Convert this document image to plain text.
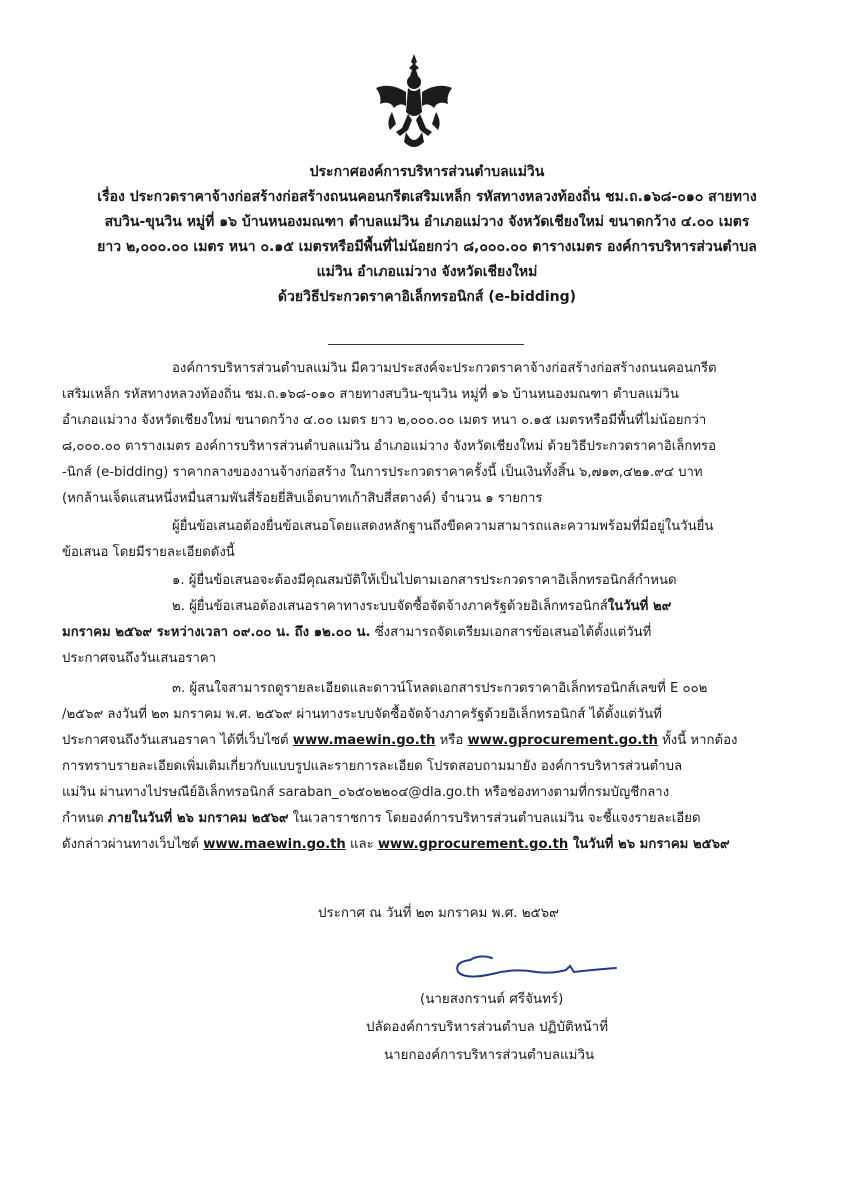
ประกาศองค์การบริหารส่วนตำบลแม่วิน
เรื่อง ประกวดราคาจ้างก่อสร้างก่อสร้างถนนคอนกรีตเสริมเหล็ก รหัสทางหลวงท้องถิ่น ชม.ถ.๑๖๘-๐๑๐ สายทาง
สบวิน-ขุนวิน หมู่ที่ ๑๖ บ้านหนองมณฑา ตำบลแม่วิน อำเภอแม่วาง จังหวัดเชียงใหม่ ขนาดกว้าง ๔.๐๐ เมตร
ยาว ๒,๐๐๐.๐๐ เมตร หนา ๐.๑๕ เมตรหรือมีพื้นที่ไม่น้อยกว่า ๘,๐๐๐.๐๐ ตารางเมตร องค์การบริหารส่วนตำบล
แม่วิน อำเภอแม่วาง จังหวัดเชียงใหม่
ด้วยวิธีประกวดราคาอิเล็กทรอนิกส์ (e-bidding)
องค์การบริหารส่วนตำบลแม่วิน มีความประสงค์จะประกวดราคาจ้างก่อสร้างก่อสร้างถนนคอนกรีต
เสริมเหล็ก รหัสทางหลวงท้องถิ่น ชม.ถ.๑๖๘-๐๑๐ สายทางสบวิน-ขุนวิน หมู่ที่ ๑๖ บ้านหนองมณฑา ตำบลแม่วิน
อำเภอแม่วาง จังหวัดเชียงใหม่ ขนาดกว้าง ๔.๐๐ เมตร ยาว ๒,๐๐๐.๐๐ เมตร หนา ๐.๑๕ เมตรหรือมีพื้นที่ไม่น้อยกว่า
๘,๐๐๐.๐๐ ตารางเมตร องค์การบริหารส่วนตำบลแม่วิน อำเภอแม่วาง จังหวัดเชียงใหม่ ด้วยวิธีประกวดราคาอิเล็กทรอ
-นิกส์ (e-bidding) ราคากลางของงานจ้างก่อสร้าง ในการประกวดราคาครั้งนี้ เป็นเงินทั้งสิ้น ๖,๗๑๓,๔๒๑.๙๔ บาท
(หกล้านเจ็ดแสนหนึ่งหมื่นสามพันสี่ร้อยยี่สิบเอ็ดบาทเก้าสิบสี่สตางค์) จำนวน ๑ รายการ
ผู้ยื่นข้อเสนอต้องยื่นข้อเสนอโดยแสดงหลักฐานถึงขีดความสามารถและความพร้อมที่มีอยู่ในวันยื่น
ข้อเสนอ โดยมีรายละเอียดดังนี้
๑. ผู้ยื่นข้อเสนอจะต้องมีคุณสมบัติให้เป็นไปตามเอกสารประกวดราคาอิเล็กทรอนิกส์กำหนด
๒. ผู้ยื่นข้อเสนอต้องเสนอราคาทางระบบจัดซื้อจัดจ้างภาครัฐด้วยอิเล็กทรอนิกส์ในวันที่ ๒๙
มกราคม ๒๕๖๙ ระหว่างเวลา ๐๙.๐๐ น. ถึง ๑๒.๐๐ น. ซึ่งสามารถจัดเตรียมเอกสารข้อเสนอได้ตั้งแต่วันที่
ประกาศจนถึงวันเสนอราคา
๓. ผู้สนใจสามารถดูรายละเอียดและดาวน์โหลดเอกสารประกวดราคาอิเล็กทรอนิกส์เลขที่ E ๐๐๒
/๒๕๖๙ ลงวันที่ ๒๓ มกราคม พ.ศ. ๒๕๖๙ ผ่านทางระบบจัดซื้อจัดจ้างภาครัฐด้วยอิเล็กทรอนิกส์ ได้ตั้งแต่วันที่
ประกาศจนถึงวันเสนอราคา ได้ที่เว็บไซต์ www.maewin.go.th หรือ www.gprocurement.go.th ทั้งนี้ หากต้อง
การทราบรายละเอียดเพิ่มเติมเกี่ยวกับแบบรูปและรายการละเอียด โปรดสอบถามมายัง องค์การบริหารส่วนตำบล
แม่วิน ผ่านทางไปรษณีย์อิเล็กทรอนิกส์ saraban_๐๖๕๐๒๒๐๔@dla.go.th หรือช่องทางตามที่กรมบัญชีกลาง
กำหนด ภายในวันที่ ๒๖ มกราคม ๒๕๖๙ ในเวลาราชการ โดยองค์การบริหารส่วนตำบลแม่วิน จะชี้แจงรายละเอียด
ดังกล่าวผ่านทางเว็บไซต์ www.maewin.go.th และ www.gprocurement.go.th ในวันที่ ๒๖ มกราคม ๒๕๖๙
ประกาศ ณ วันที่ ๒๓ มกราคม พ.ศ. ๒๕๖๙
(นายสงกรานต์ ศรีจันทร์)
ปลัดองค์การบริหารส่วนตำบล ปฏิบัติหน้าที่
นายกองค์การบริหารส่วนตำบลแม่วิน
